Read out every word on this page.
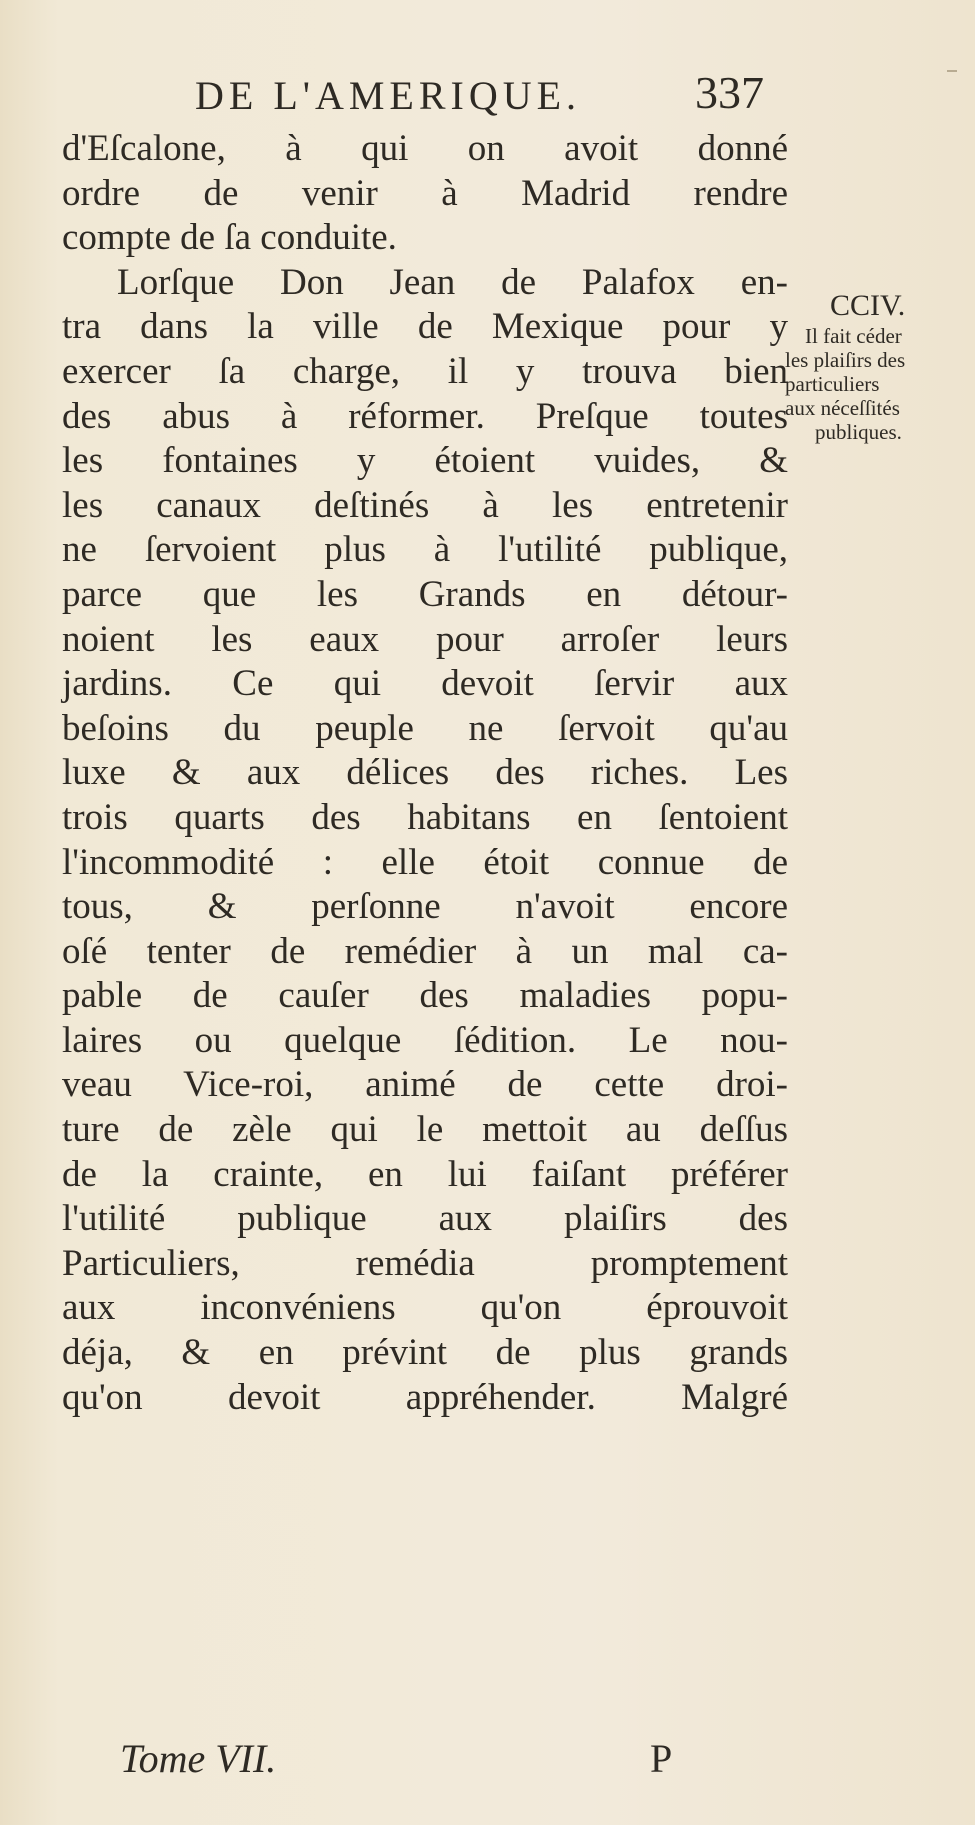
DE L'AMERIQUE. 337
d'Eſcalone, à qui on avoit donné
ordre de venir à Madrid rendre
compte de ſa conduite.
Lorſque Don Jean de Palafox en-
tra dans la ville de Mexique pour y
exercer ſa charge, il y trouva bien
des abus à réformer. Preſque toutes
les fontaines y étoient vuides, &
les canaux deſtinés à les entretenir
ne ſervoient plus à l'utilité publique,
parce que les Grands en détour-
noient les eaux pour arroſer leurs
jardins. Ce qui devoit ſervir aux
beſoins du peuple ne ſervoit qu'au
luxe & aux délices des riches. Les
trois quarts des habitans en ſentoient
l'incommodité : elle étoit connue de
tous, & perſonne n'avoit encore
oſé tenter de remédier à un mal ca-
pable de cauſer des maladies popu-
laires ou quelque ſédition. Le nou-
veau Vice-roi, animé de cette droi-
ture de zèle qui le mettoit au deſſus
de la crainte, en lui faiſant préférer
l'utilité publique aux plaiſirs des
Particuliers, remédia promptement
aux inconvéniens qu'on éprouvoit
déja, & en prévint de plus grands
qu'on devoit appréhender. Malgré
CCIV.
Il fait céder
les plaiſirs des
particuliers
aux néceſſités
publiques.
Tome VII.	P
